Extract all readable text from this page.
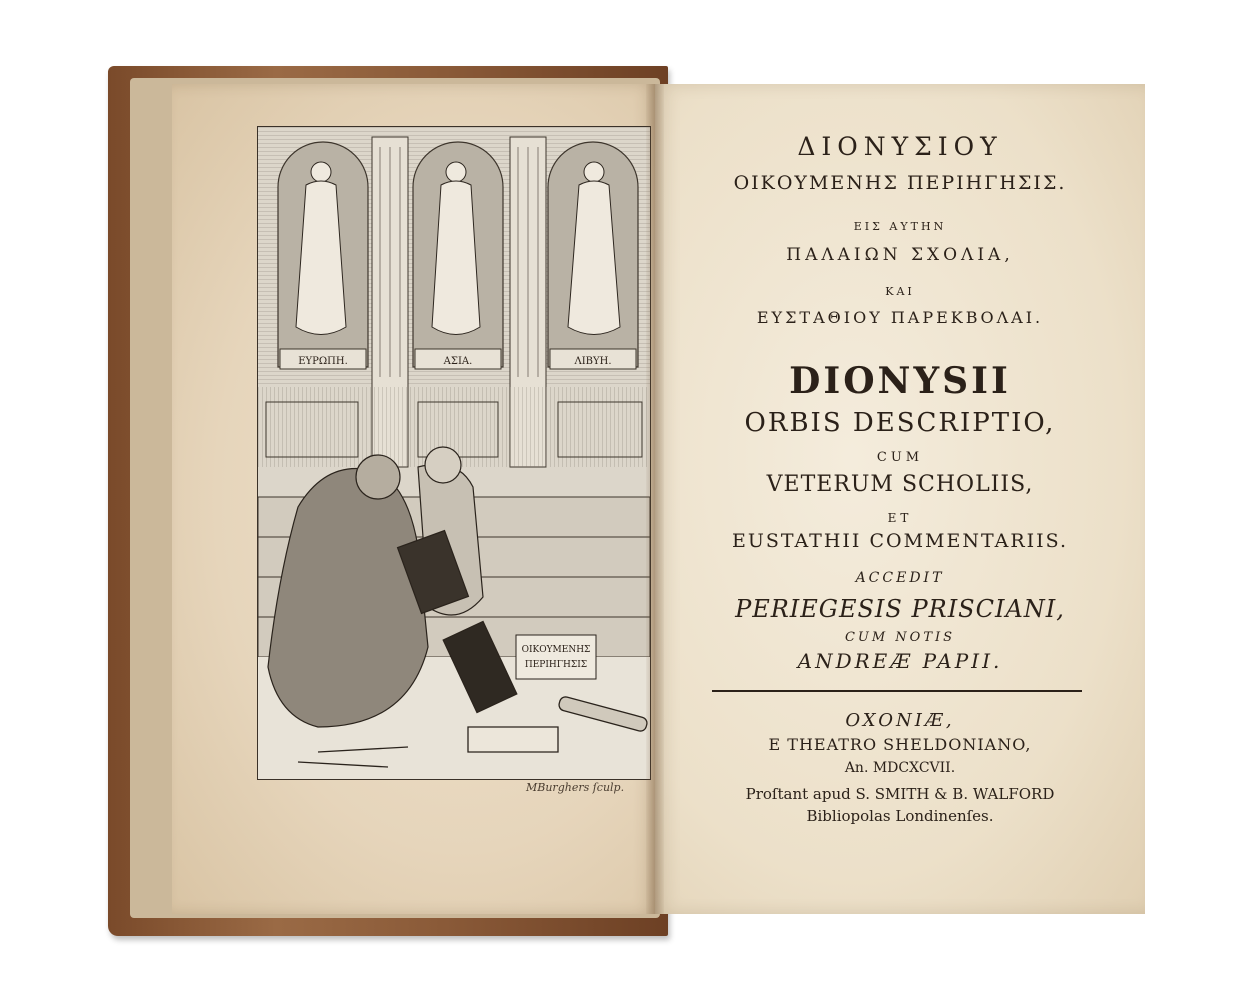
ΕΥΡΩΠΗ.	ΑΣΙΑ.	ΛΙΒΥΗ.
ΟΙΚΟΥΜΕΝΗΣ
ΠΕΡΙΗΓΗΣΙΣ
MBurghers ſculp.
ΔΙΟΝΥΣΙΟΥ
ΟΙΚΟΥΜΕΝΗΣ ΠΕΡΙΗΓΗΣΙΣ.
ΕΙΣ ΑΥΤΗΝ
ΠΑΛΑΙΩΝ ΣΧΟΛΙΑ,
ΚΑΙ
ΕΥΣΤΑΘΙΟΥ ΠΑΡΕΚΒΟΛΑΙ.
DIONYSII
ORBIS DESCRIPTIO,
CUM
VETERUM SCHOLIIS,
ET
EUSTATHII COMMENTARIIS.
ACCEDIT
PERIEGESIS PRISCIANI,
CUM NOTIS
ANDREÆ PAPII.
OXONIÆ,
E THEATRO SHELDONIANO,
An. MDCXCVII.
Proſtant apud S. SMITH & B. WALFORD
Bibliopolas Londinenſes.
